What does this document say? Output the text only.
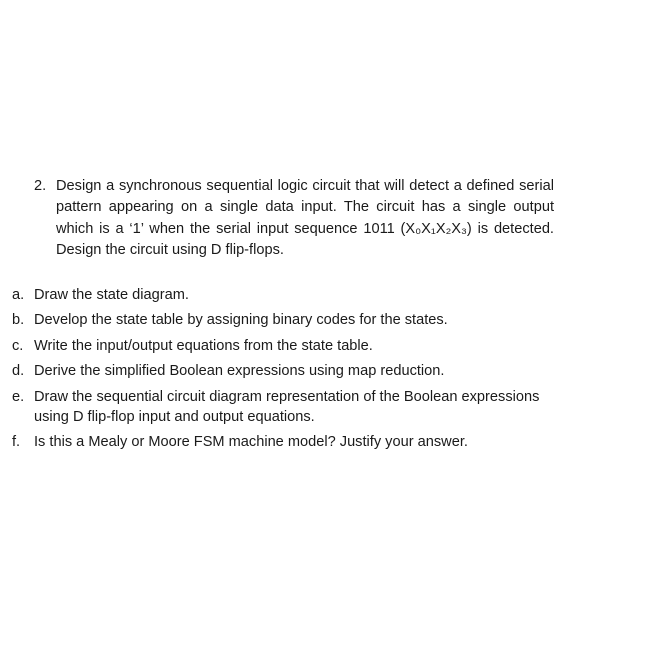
2. Design a synchronous sequential logic circuit that will detect a defined serial pattern appearing on a single data input. The circuit has a single output which is a ‘1’ when the serial input sequence 1011 (X₀X₁X₂X₃) is detected. Design the circuit using D flip-flops.
a. Draw the state diagram.
b. Develop the state table by assigning binary codes for the states.
c. Write the input/output equations from the state table.
d. Derive the simplified Boolean expressions using map reduction.
e. Draw the sequential circuit diagram representation of the Boolean expressions using D flip-flop input and output equations.
f. Is this a Mealy or Moore FSM machine model? Justify your answer.
